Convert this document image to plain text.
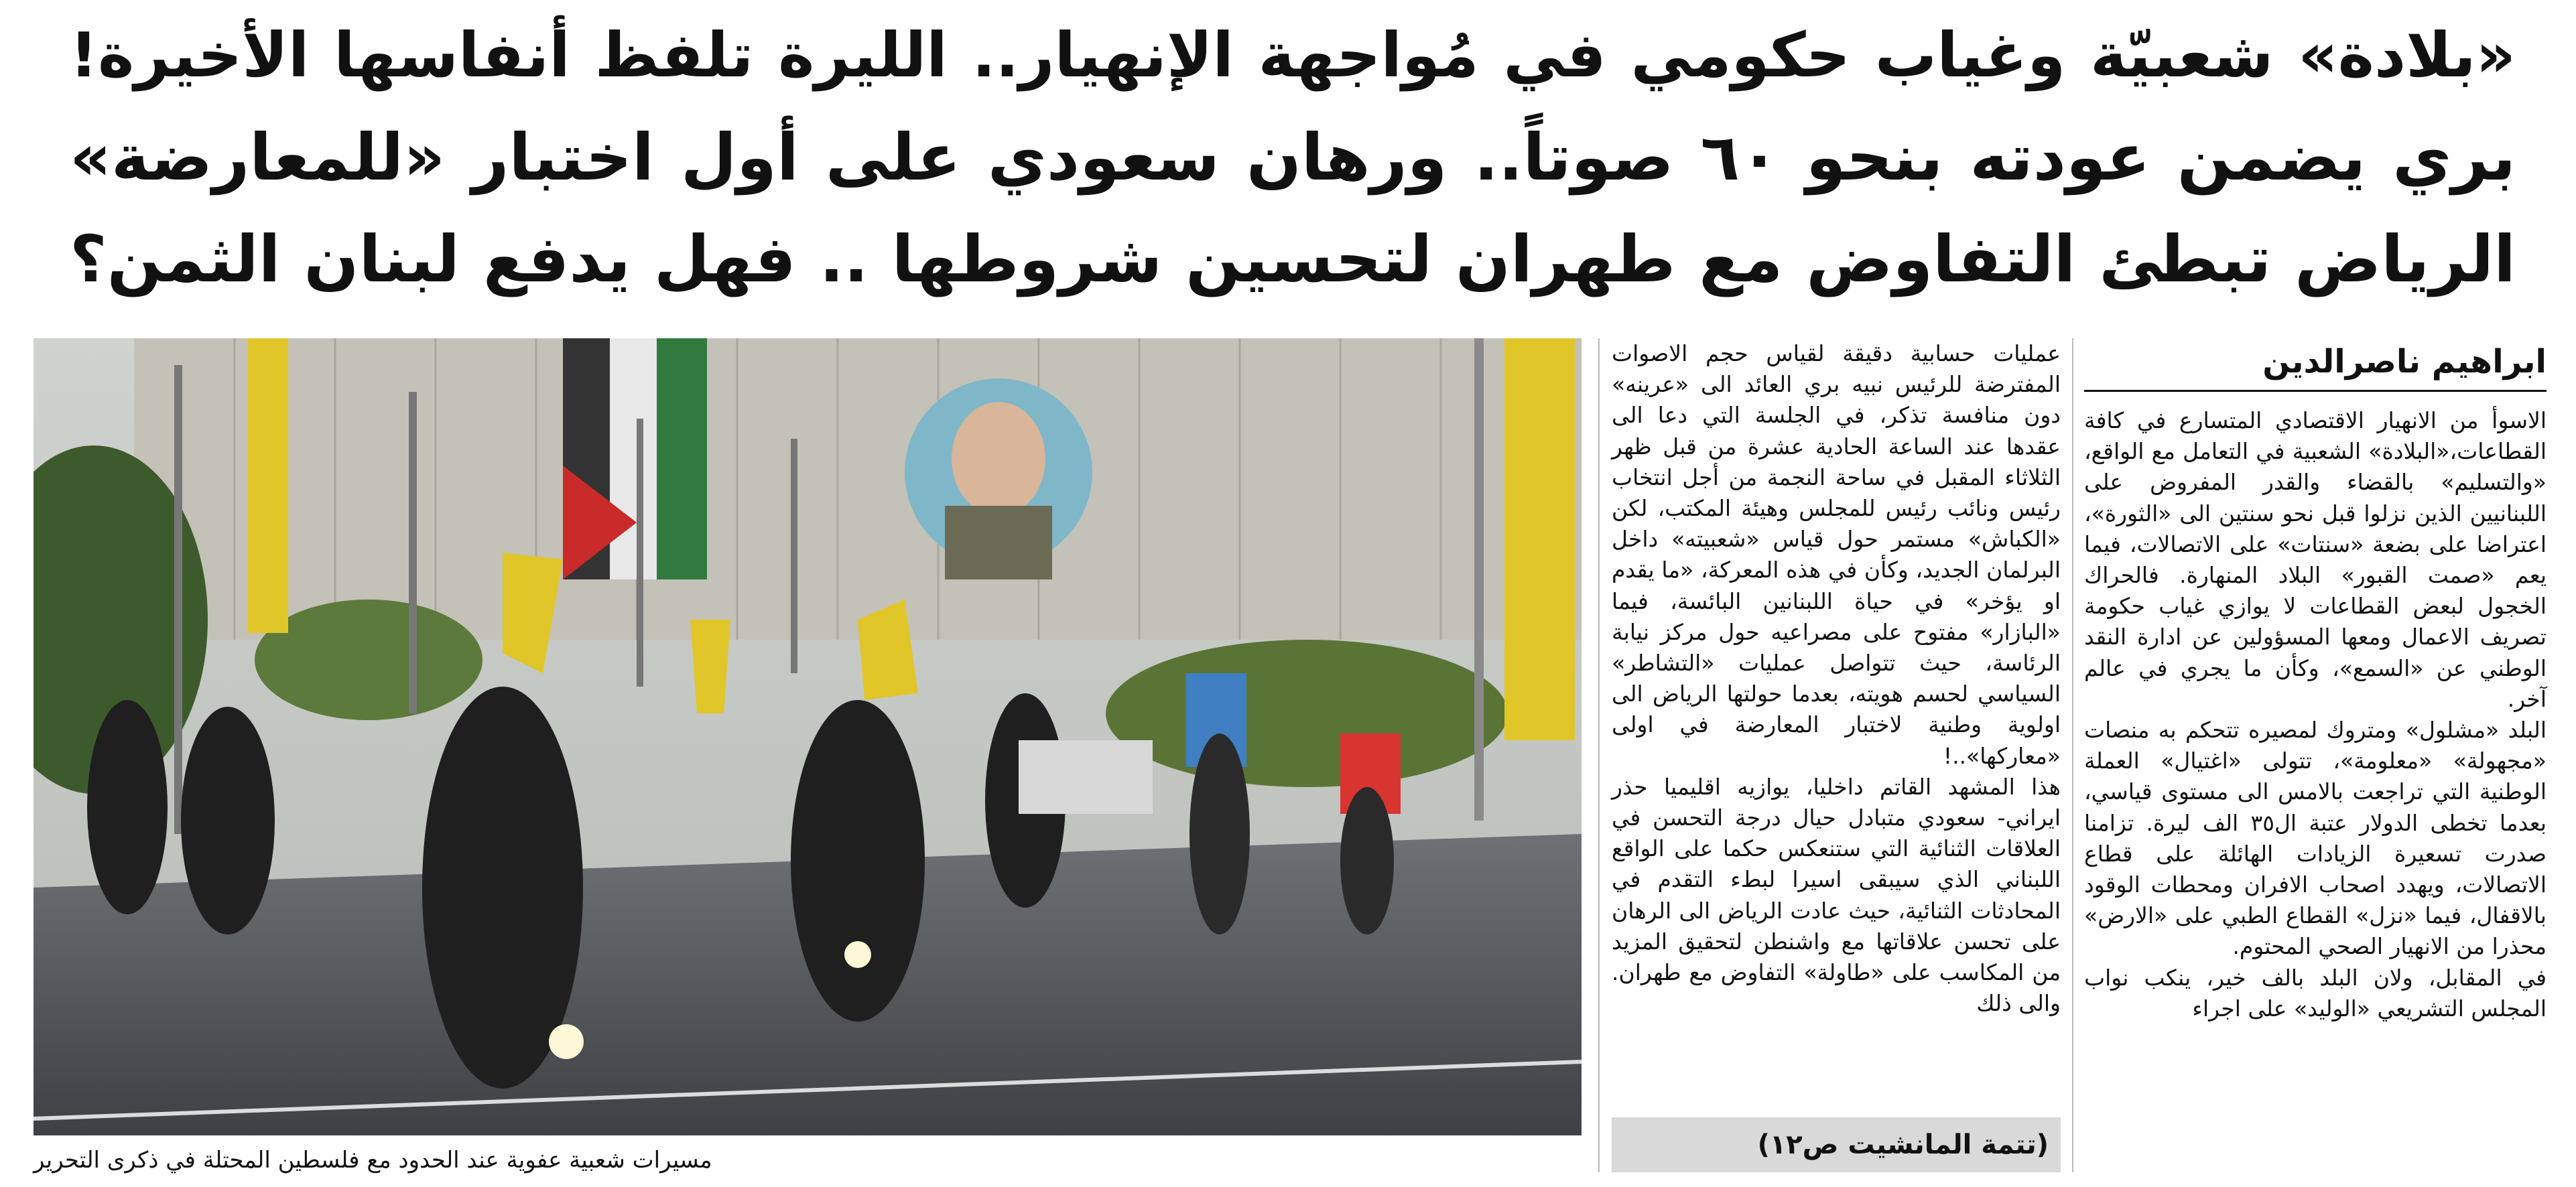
«بلادة» شعبيّة وغياب حكومي في مُواجهة الإنهيار.. الليرة تلفظ أنفاسها الأخيرة!
بري يضمن عودته بنحو ٦٠ صوتاً.. ورهان سعودي على أول اختبار «للمعارضة»
الرياض تبطئ التفاوض مع طهران لتحسين شروطها .. فهل يدفع لبنان الثمن؟
مسيرات شعبية عفوية عند الحدود مع فلسطين المحتلة في ذكرى التحرير
ابراهيم ناصرالدين

الاسوأ من الانهيار الاقتصادي المتسارع في كافة القطاعات،«البلادة» الشعبية في التعامل مع الواقع، «والتسليم» بالقضاء والقدر المفروض على اللبنانيين الذين نزلوا قبل نحو سنتين الى «الثورة»، اعتراضا على بضعة «سنتات» على الاتصالات، فيما يعم «صمت القبور» البلاد المنهارة. فالحراك الخجول لبعض القطاعات لا يوازي غياب حكومة تصريف الاعمال ومعها المسؤولين عن ادارة النقد الوطني عن «السمع»، وكأن ما يجري في عالم آخر.

البلد «مشلول» ومتروك لمصيره تتحكم به منصات «مجهولة» «معلومة»، تتولى «اغتيال» العملة الوطنية التي تراجعت بالامس الى مستوى قياسي، بعدما تخطى الدولار عتبة ال٣٥ الف ليرة. تزامنا صدرت تسعيرة الزيادات الهائلة على قطاع الاتصالات، ويهدد اصحاب الافران ومحطات الوقود بالاقفال، فيما «نزل» القطاع الطبي على «الارض» محذرا من الانهيار الصحي المحتوم.

في المقابل، ولان البلد بالف خير، ينكب نواب المجلس التشريعي «الوليد» على اجراء

عمليات حسابية دقيقة لقياس حجم الاصوات المفترضة للرئيس نبيه بري العائد الى «عرينه» دون منافسة تذكر، في الجلسة التي دعا الى عقدها عند الساعة الحادية عشرة من قبل ظهر الثلاثاء المقبل في ساحة النجمة من أجل انتخاب رئيس ونائب رئيس للمجلس وهيئة المكتب، لكن «الكباش» مستمر حول قياس «شعبيته» داخل البرلمان الجديد، وكأن في هذه المعركة، «ما يقدم او يؤخر» في حياة اللبنانين البائسة، فيما «البازار» مفتوح على مصراعيه حول مركز نيابة الرئاسة، حيث تتواصل عمليات «التشاطر» السياسي لحسم هويته، بعدما حولتها الرياض الى اولوية وطنية لاختبار المعارضة في اولى «معاركها»..!

هذا المشهد القاتم داخليا، يوازيه اقليميا حذر ايراني- سعودي متبادل حيال درجة التحسن في العلاقات الثنائية التي ستنعكس حكما على الواقع اللبناني الذي سيبقى اسيرا لبطء التقدم في المحادثات الثنائية، حيث عادت الرياض الى الرهان على تحسن علاقاتها مع واشنطن لتحقيق المزيد من المكاسب على «طاولة» التفاوض مع طهران. والى ذلك

(تتمة المانشيت ص١٢)
